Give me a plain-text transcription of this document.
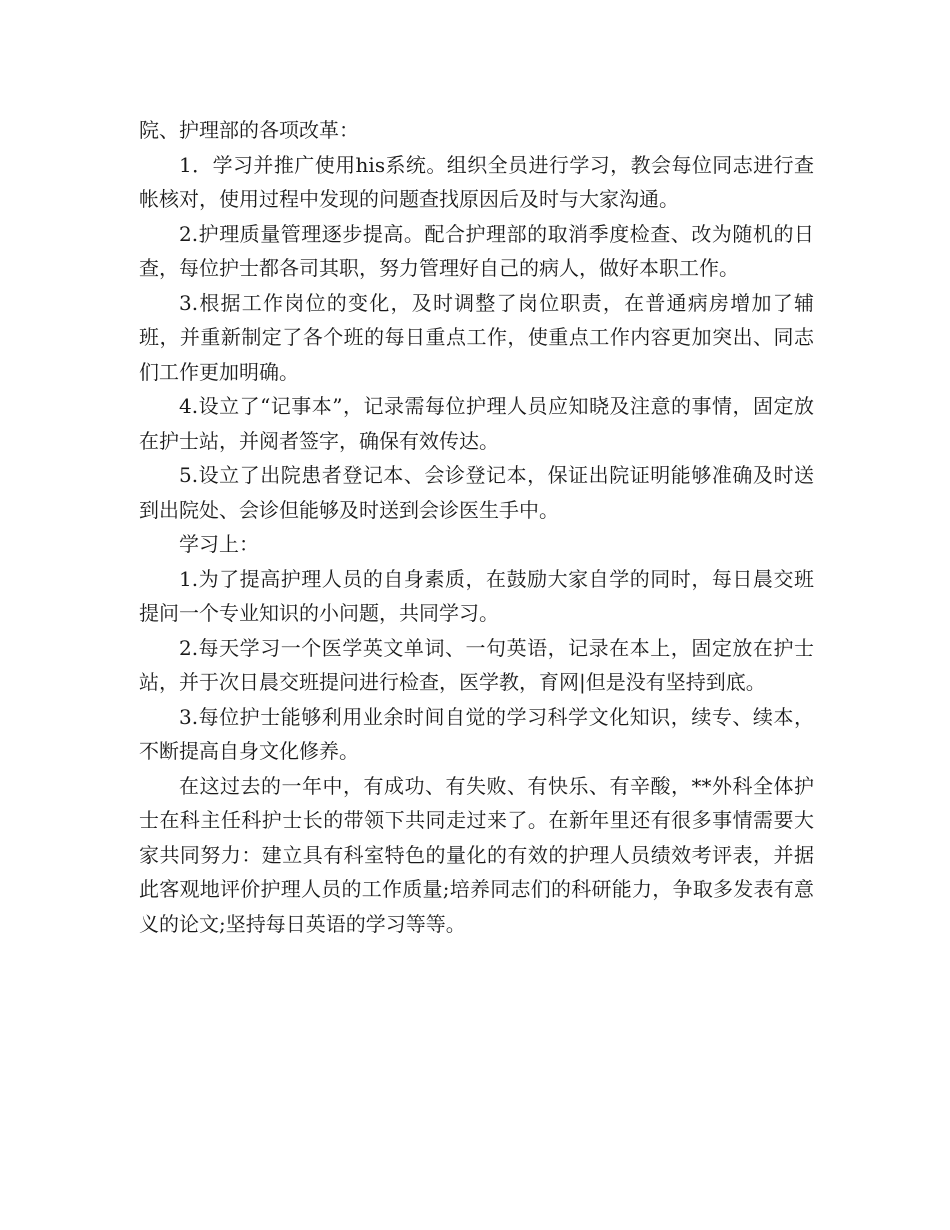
院、护理部的各项改革：

1．学习并推广使用his系统。组织全员进行学习，教会每位同志进行查帐核对，使用过程中发现的问题查找原因后及时与大家沟通。

2.护理质量管理逐步提高。配合护理部的取消季度检查、改为随机的日查，每位护士都各司其职，努力管理好自己的病人，做好本职工作。

3.根据工作岗位的变化，及时调整了岗位职责，在普通病房增加了辅班，并重新制定了各个班的每日重点工作，使重点工作内容更加突出、同志们工作更加明确。

4.设立了“记事本”，记录需每位护理人员应知晓及注意的事情，固定放在护士站，并阅者签字，确保有效传达。

5.设立了出院患者登记本、会诊登记本，保证出院证明能够准确及时送到出院处、会诊但能够及时送到会诊医生手中。

学习上：

1.为了提高护理人员的自身素质，在鼓励大家自学的同时，每日晨交班提问一个专业知识的小问题，共同学习。

2.每天学习一个医学英文单词、一句英语，记录在本上，固定放在护士站，并于次日晨交班提问进行检查，医学教，育网|但是没有坚持到底。

3.每位护士能够利用业余时间自觉的学习科学文化知识，续专、续本，不断提高自身文化修养。

在这过去的一年中，有成功、有失败、有快乐、有辛酸，**外科全体护士在科主任科护士长的带领下共同走过来了。在新年里还有很多事情需要大家共同努力：建立具有科室特色的量化的有效的护理人员绩效考评表，并据此客观地评价护理人员的工作质量;培养同志们的科研能力，争取多发表有意义的论文;坚持每日英语的学习等等。
